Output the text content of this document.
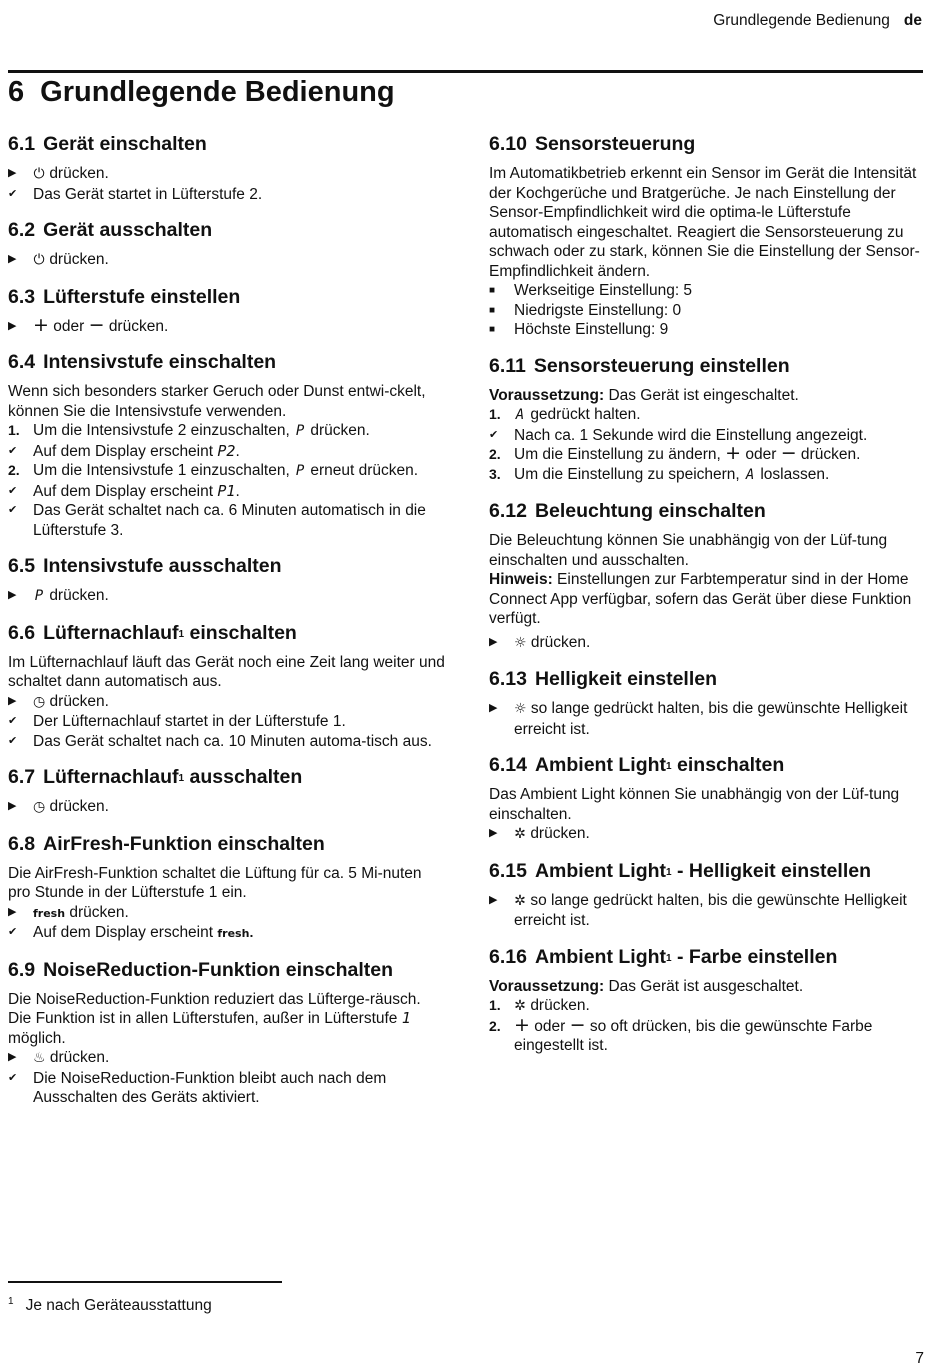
Grundlegende Bedienung de
6 Grundlegende Bedienung
6.1 Gerät einschalten
▶	⏻ drücken.
✔	Das Gerät startet in Lüfterstufe 2.
6.2 Gerät ausschalten
▶	⏻ drücken.
6.3 Lüfterstufe einstellen
▶ + oder − drücken.
6.4 Intensivstufe einschalten

Wenn sich besonders starker Geruch oder Dunst entwi-ckelt, können Sie die Intensivstufe verwenden.

1. Um die Intensivstufe 2 einzuschalten, P drücken.
✔	Auf dem Display erscheint P2.
2. Um die Intensivstufe 1 einzuschalten, P erneut drücken.
✔	Auf dem Display erscheint P1.
✔	Das Gerät schaltet nach ca. 6 Minuten automatisch in die Lüfterstufe 3.
6.5 Intensivstufe ausschalten
▶	P drücken.
6.6 Lüfternachlauf$^1$ einschalten

Im Lüfternachlauf läuft das Gerät noch eine Zeit lang weiter und schaltet dann automatisch aus.

▶	◷ drücken.
✔	Der Lüfternachlauf startet in der Lüfterstufe 1.
✔	Das Gerät schaltet nach ca. 10 Minuten automa-tisch aus.
6.7 Lüfternachlauf$^1$ ausschalten
▶	◷ drücken.
6.8 AirFresh-Funktion einschalten

Die AirFresh-Funktion schaltet die Lüftung für ca. 5 Mi-nuten pro Stunde in der Lüfterstufe 1 ein.

▶	fresh drücken.
✔	Auf dem Display erscheint fresh.
6.9 NoiseReduction-Funktion einschalten

Die NoiseReduction-Funktion reduziert das Lüfterge-räusch. Die Funktion ist in allen Lüfterstufen, außer in Lüfterstufe 1 möglich.

▶	♨ drücken.
✔	Die NoiseReduction-Funktion bleibt auch nach dem Ausschalten des Geräts aktiviert.
6.10 Sensorsteuerung

Im Automatikbetrieb erkennt ein Sensor im Gerät die Intensität der Kochgerüche und Bratgerüche. Je nach Einstellung der Sensor-Empfindlichkeit wird die optima-le Lüfterstufe automatisch eingeschaltet. Reagiert die Sensorsteuerung zu schwach oder zu stark, können Sie die Einstellung der Sensor-Empfindlichkeit ändern.

■	Werkseitige Einstellung: 5
■	Niedrigste Einstellung: 0
■	Höchste Einstellung: 9
6.11 Sensorsteuerung einstellen

Voraussetzung: Das Gerät ist eingeschaltet.

1.	A gedrückt halten.
✔	Nach ca. 1 Sekunde wird die Einstellung angezeigt.
2. Um die Einstellung zu ändern, + oder − drücken.
3. Um die Einstellung zu speichern, A loslassen.
6.12 Beleuchtung einschalten

Die Beleuchtung können Sie unabhängig von der Lüf-tung einschalten und ausschalten.

Hinweis: Einstellungen zur Farbtemperatur sind in der Home Connect App verfügbar, sofern das Gerät über diese Funktion verfügt.

▶	☼ drücken.
6.13 Helligkeit einstellen
▶	☼ so lange gedrückt halten, bis die gewünschte Helligkeit erreicht ist.
6.14 Ambient Light$^1$ einschalten

Das Ambient Light können Sie unabhängig von der Lüf-tung einschalten.

▶	✲ drücken.
6.15 Ambient Light$^1$ - Helligkeit einstellen
▶	✲ so lange gedrückt halten, bis die gewünschte Helligkeit erreicht ist.
6.16 Ambient Light$^1$ - Farbe einstellen

Voraussetzung: Das Gerät ist ausgeschaltet.

1. ✲ drücken.
2. + oder − so oft drücken, bis die gewünschte Farbe eingestellt ist.
$^1$ Je nach Geräteausstattung
7
